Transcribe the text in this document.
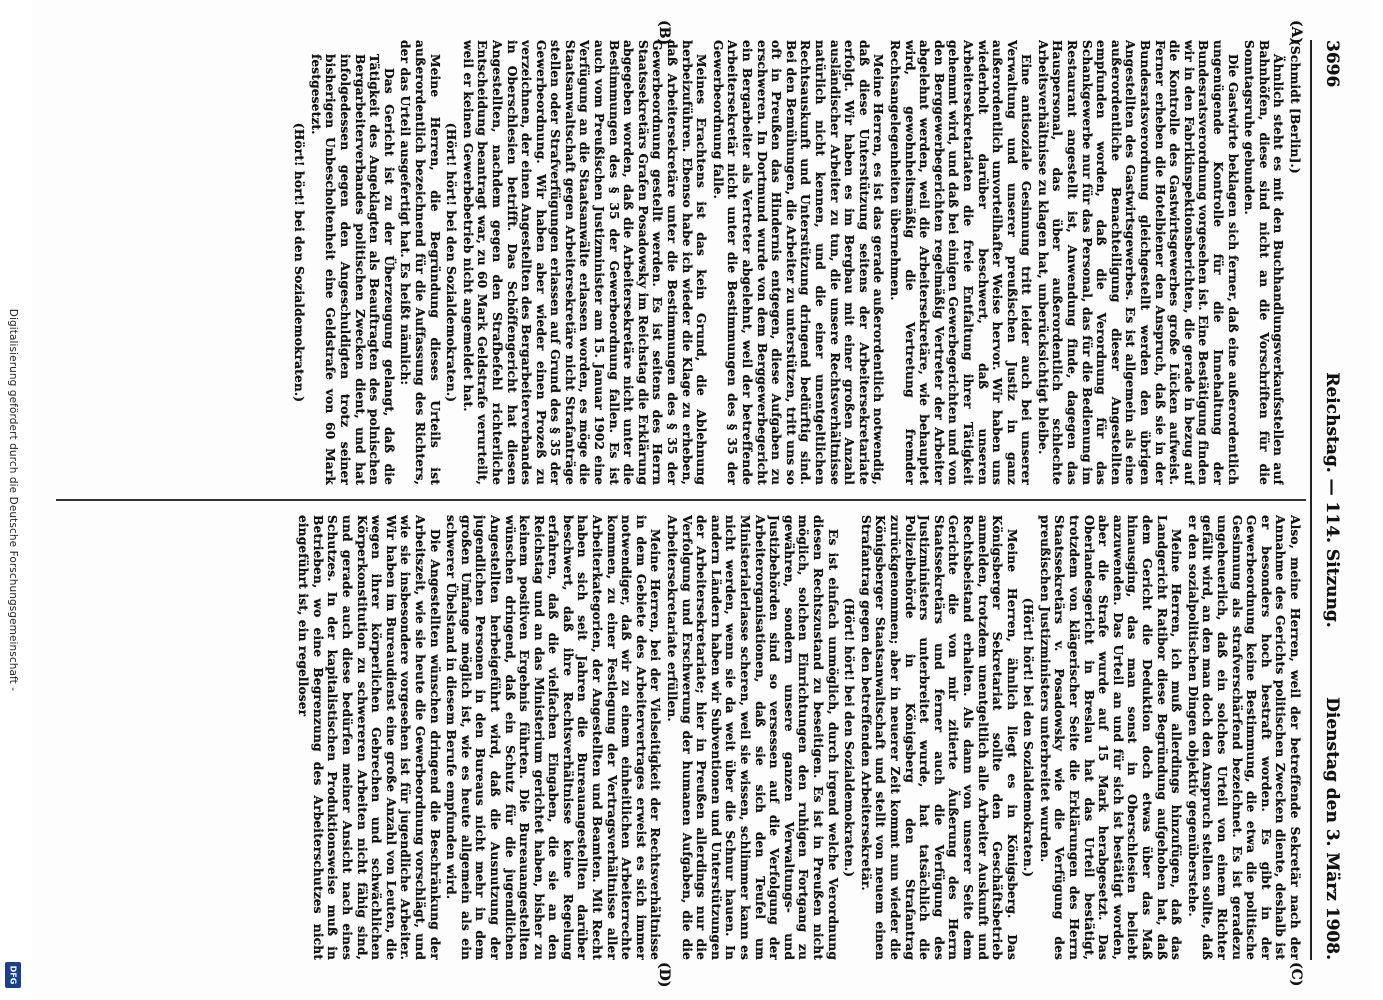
Digitalisierung gefördert durch die Deutsche Forschungsgemeinschaft -
DFG
3696
Reichstag. — 114. Sitzung.
Dienstag den 3. März 1908.
(A)
(B)
(C)
(D)

(Schmidt [Berlin].)

Ähnlich steht es mit den Buchhandlungsverkaufsstellen auf Bahnhöfen, diese sind nicht an die Vorschriften für die Sonntagsruhe gebunden.

Die Gastwirte beklagen sich ferner, daß eine außerordentlich ungenügende Kontrolle für die Innehaltung der Bundesratsverordnung vorgesehen ist. Eine Bestätigung finden wir in den Fabrikinspektionsberichten, die gerade in bezug auf die Kontrolle des Gastwirtsgewerbes große Lücken aufweist. Ferner erheben die Hotelbiener den Anspruch, daß sie in der Bundesratsverordnung gleichgestellt werden den übrigen Angestellten des Gastwirtsgewerbes. Es ist allgemein als eine außerordentliche Benachteiligung dieser Angestellten empfunden worden, daß die Verordnung für das Schankgewerbe nur für das Personal, das für die Bedienung im Restaurant angestellt ist, Anwendung finde, dagegen das Hauspersonal, das über außerordentlich schlechte Arbeitsverhältnisse zu klagen hat, unberücksichtigt bleibe.

Eine antisoziale Gesinnung tritt leider auch bei unserer Verwaltung und unserer preußischen Justiz in ganz außerordentlich unvorteilhafter Weise hervor. Wir haben uns wiederholt darüber beschwert, daß unseren Arbeitersekretariaten die freie Entfaltung ihrer Tätigkeit gehemmt wird, und daß bei einigen Gewerbegerichten und von den Berggewerbegerichten regelmäßig Vertreter der Arbeiter abgelehnt werden, weil die Arbeitersekretäre, wie behauptet wird, gewohnheitsmäßig die Vertretung fremder Rechtsangelegenheiten übernehmen.

Meine Herren, es ist das gerade außerordentlich notwendig, daß diese Unterstützung seitens der Arbeitersekretariate erfolgt. Wir haben es im Bergbau mit einer großen Anzahl ausländischer Arbeiter zu tun, die unsere Rechtsverhältnisse natürlich nicht kennen, und die einer unentgeltlichen Rechtsauskunft und Unterstützung dringend bedürftig sind. Bei den Bemühungen, die Arbeiter zu unterstützen, tritt uns so oft in Preußen das Hindernis entgegen, diese Aufgaben zu erschweren. In Dortmund wurde von dem Berggewerbegericht ein Bergarbeiter als Vertreter abgelehnt, weil der betreffende Arbeitersekretär nicht unter die Bestimmungen des § 35 der Gewerbeordnung falle.

Meines Erachtens ist das kein Grund, die Ablehnung herbeizuführen. Ebenso habe ich wieder die Klage zu erheben, daß Arbeitersekretäre unter die Bestimmungen des § 35 der Gewerbeordnung gestellt werden. Es ist seitens des Herrn Staatssekretärs Grafen Posadowsky im Reichstag die Erklärung abgegeben worden, daß die Arbeitersekretäre nicht unter die Bestimmungen des § 35 der Gewerbeordnung fallen. Es ist auch vom Preußischen Justizminister am 15. Januar 1902 eine Verfügung an die Staatsanwälte erlassen worden, es möge die Staatsanwaltschaft gegen Arbeitersekretäre nicht Strafanträge stellen oder Strafverfügungen erlassen auf Grund des § 35 der Gewerbeordnung. Wir haben aber wieder einen Prozeß zu verzeichnen, der einen Angestellten des Bergarbeiterverbandes in Oberschlesien betrifft. Das Schöffengericht hat diesen Angestellten, nachdem gegen den Strafbefehl richterliche Entscheidung beantragt war, zu 60 Mark Geldstrafe verurteilt, weil er keinen Gewerbebetrieb nicht angemeldet hat.

(Hört! hört! bei den Sozialdemokraten.)

Meine Herren, die Begründung dieses Urteils ist außerordentlich bezeichnend für die Auffassung des Richters, der das Urteil ausgefertigt hat. Es heißt nämlich:

Das Gericht ist zu der Überzeugung gelangt, daß die Tätigkeit des Angeklagten als Beauftragten des polnischen Bergarbeiterverbandes politischen Zwecken dient, und hat infolgedessen gegen den Angeschuldigten trotz seiner bisherigen Unbescholtenheit eine Geldstrafe von 60 Mark festgesetzt.

(Hört! hört! bei den Sozialdemokraten.)

Also, meine Herren, weil der betreffende Sekretär nach der Annahme des Gerichts politischen Zwecken diente, deshalb ist er besonders hoch bestraft worden. Es gibt in der Gewerbeordnung keine Bestimmung, die etwa die politische Gesinnung als strafverschärfend bezeichnet. Es ist geradezu ungeheuerlich, daß ein solches Urteil von einem Richter gefällt wird, an den man doch den Anspruch stellen sollte, daß er den sozialpolitischen Dingen objektiv gegenüberstehe.

Meine Herren, ich muß allerdings hinzufügen, daß das Landgericht Ratibor diese Begründung aufgehoben hat, daß dem Gericht die Deduktion doch etwas über das Maß hinausging, das man sonst in Oberschlesien beliebt anzuwenden. Das Urteil an und für sich ist bestätigt worden, aber die Strafe wurde auf 15 Mark herabgesetzt. Das Oberlandesgericht in Breslau hat das Urteil bestätigt, trotzdem von klägerischer Seite die Erklärungen des Herrn Staatssekretärs v. Posadowsky wie die Verfügung des preußischen Justizministers unterbreitet wurden.

(Hört! hört! bei den Sozialdemokraten.)

Meine Herren, ähnlich liegt es in Königsberg. Das Königsberger Sekretariat sollte den Geschäftsbetrieb anmelden, trotzdem unentgeltlich alle Arbeiter Auskunft und Rechtsbeistand erhalten. Als dann von unserer Seite dem Gerichte die von mir zitierte Äußerung des Herrn Staatssekretärs und ferner auch die Verfügung des Justizministers unterbreitet wurde, hat tatsächlich die Polizeibehörde in Königsberg den Strafantrag zurückgenommen; aber in neuerer Zeit kommt nun wieder die Königsberger Staatsanwaltschaft und stellt von neuem einen Strafantrag gegen den betreffenden Arbeitersekretär.

(Hört! hört! bei den Sozialdemokraten.)

Es ist einfach unmöglich, durch irgend welche Verordnung diesen Rechtszustand zu beseitigen. Es ist in Preußen nicht möglich, solchen Einrichtungen den ruhigen Fortgang zu gewähren, sondern unsere ganzen Verwaltungs- und Justizbehörden sind so versessen auf die Verfolgung der Arbeiterorganisationen, daß sie sich den Teufel um Ministerialerlasse scheren, weil sie wissen, schlimmer kann es nicht werden, wenn sie da weit über die Schnur hauen. In andern Ländern haben wir Subventionen und Unterstützungen der Arbeitersekretariate; hier in Preußen allerdings nur die Verfolgung und Erschwerung der humanen Aufgaben, die die Arbeitersekretariate erfüllen.

Meine Herren, bei der Vielseitigkeit der Rechtsverhältnisse in dem Gebiete des Arbeitervertrages erweist es sich immer notwendiger, daß wir zu einem einheitlichen Arbeiterrechte kommen, zu einer Festlegung der Vertragsverhältnisse aller Arbeiterkategorien, der Angestellten und Beamten. Mit Recht haben sich seit Jahren die Bureauangestellten darüber beschwert, daß ihre Rechtsverhältnisse keine Regelung erfahren, daß die vielfachen Eingaben, die sie an den Reichstag und an das Ministerium gerichtet haben, bisher zu keinem positiven Ergebnis führten. Die Bureauangestellten wünschen dringend, daß ein Schutz für die jugendlichen Angestellten herbeigeführt wird, daß die Ausnutzung der jugendlichen Personen in den Bureaus nicht mehr in dem großen Umfange möglich ist, wie es heute allgemein als ein schwerer Übelstand in diesem Berufe empfunden wird.

Die Angestellten wünschen dringend die Beschränkung der Arbeitszeit, wie sie heute die Gewerbeordnung vorschlägt, und wie sie insbesondere vorgesehen ist für jugendliche Arbeiter. Wir haben im Bureaudienst eine große Anzahl von Leuten, die wegen ihrer körperlichen Gebrechen und schwächlichen Körperkonstitution zu schwereren Arbeiten nicht fähig sind, und gerade auch diese bedürfen meiner Ansicht nach eines Schutzes. In der kapitalistischen Produktionsweise muß in Betrieben, wo eine Begrenzung des Arbeiterschutzes nicht eingeführt ist, ein regelloser
